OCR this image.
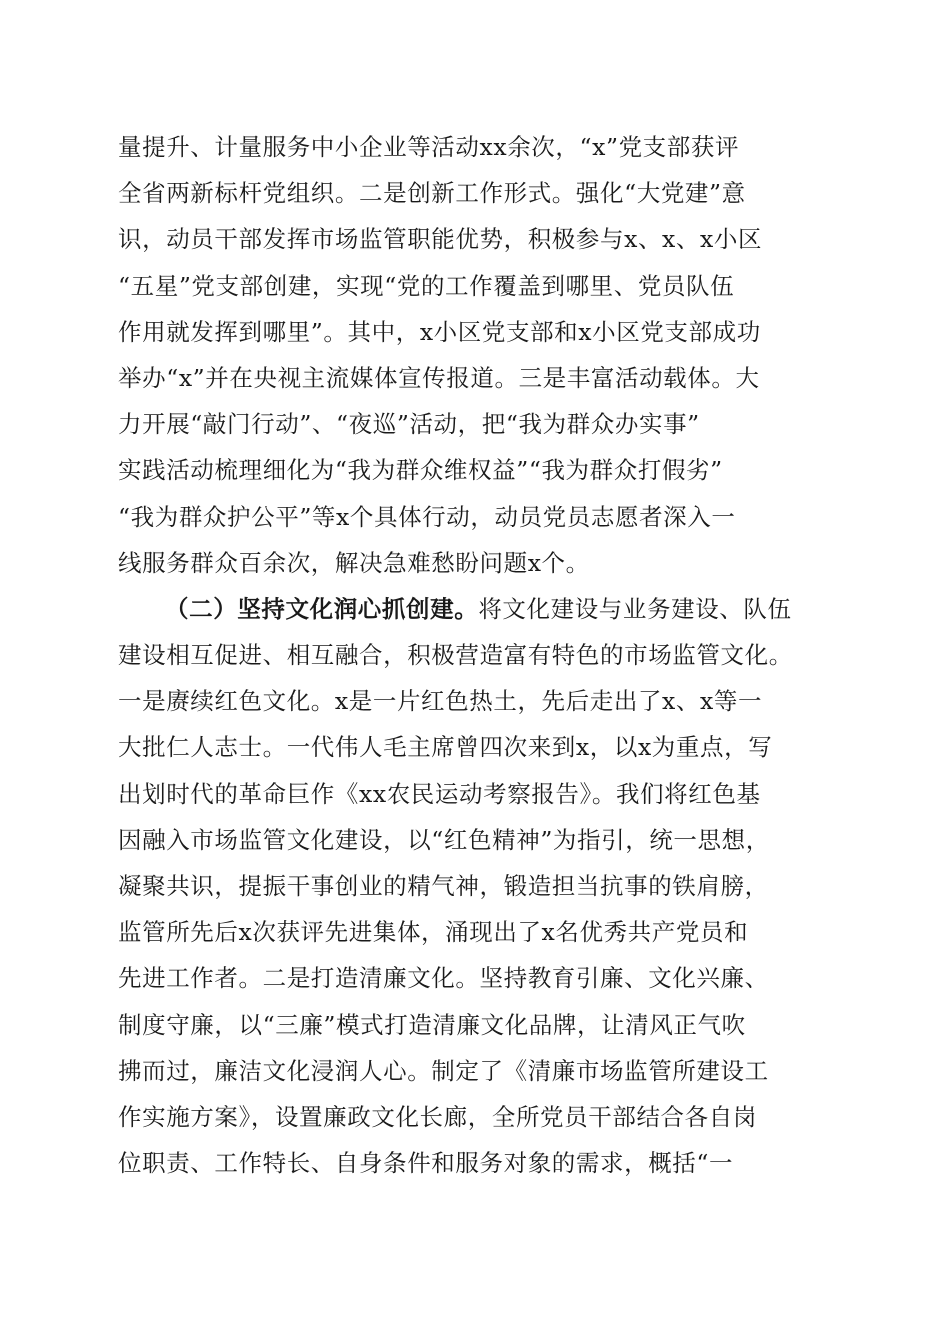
量提升、计量服务中小企业等活动xx余次，“x”党支部获评
全省两新标杆党组织。二是创新工作形式。强化“大党建”意
识，动员干部发挥市场监管职能优势，积极参与x、x、x小区
“五星”党支部创建，实现“党的工作覆盖到哪里、党员队伍
作用就发挥到哪里”。其中，x小区党支部和x小区党支部成功
举办“x”并在央视主流媒体宣传报道。三是丰富活动载体。大
力开展“敲门行动”、“夜巡”活动，把“我为群众办实事”
实践活动梳理细化为“我为群众维权益”“我为群众打假劣”
“我为群众护公平”等x个具体行动，动员党员志愿者深入一
线服务群众百余次，解决急难愁盼问题x个。
（二）坚持文化润心抓创建。将文化建设与业务建设、队伍
建设相互促进、相互融合，积极营造富有特色的市场监管文化。
一是赓续红色文化。x是一片红色热土，先后走出了x、x等一
大批仁人志士。一代伟人毛主席曾四次来到x，以x为重点，写
出划时代的革命巨作《xx农民运动考察报告》。我们将红色基
因融入市场监管文化建设，以“红色精神”为指引，统一思想，
凝聚共识，提振干事创业的精气神，锻造担当抗事的铁肩膀，
监管所先后x次获评先进集体，涌现出了x名优秀共产党员和
先进工作者。二是打造清廉文化。坚持教育引廉、文化兴廉、
制度守廉，以“三廉”模式打造清廉文化品牌，让清风正气吹
拂而过，廉洁文化浸润人心。制定了《清廉市场监管所建设工
作实施方案》，设置廉政文化长廊，全所党员干部结合各自岗
位职责、工作特长、自身条件和服务对象的需求，概括“一
